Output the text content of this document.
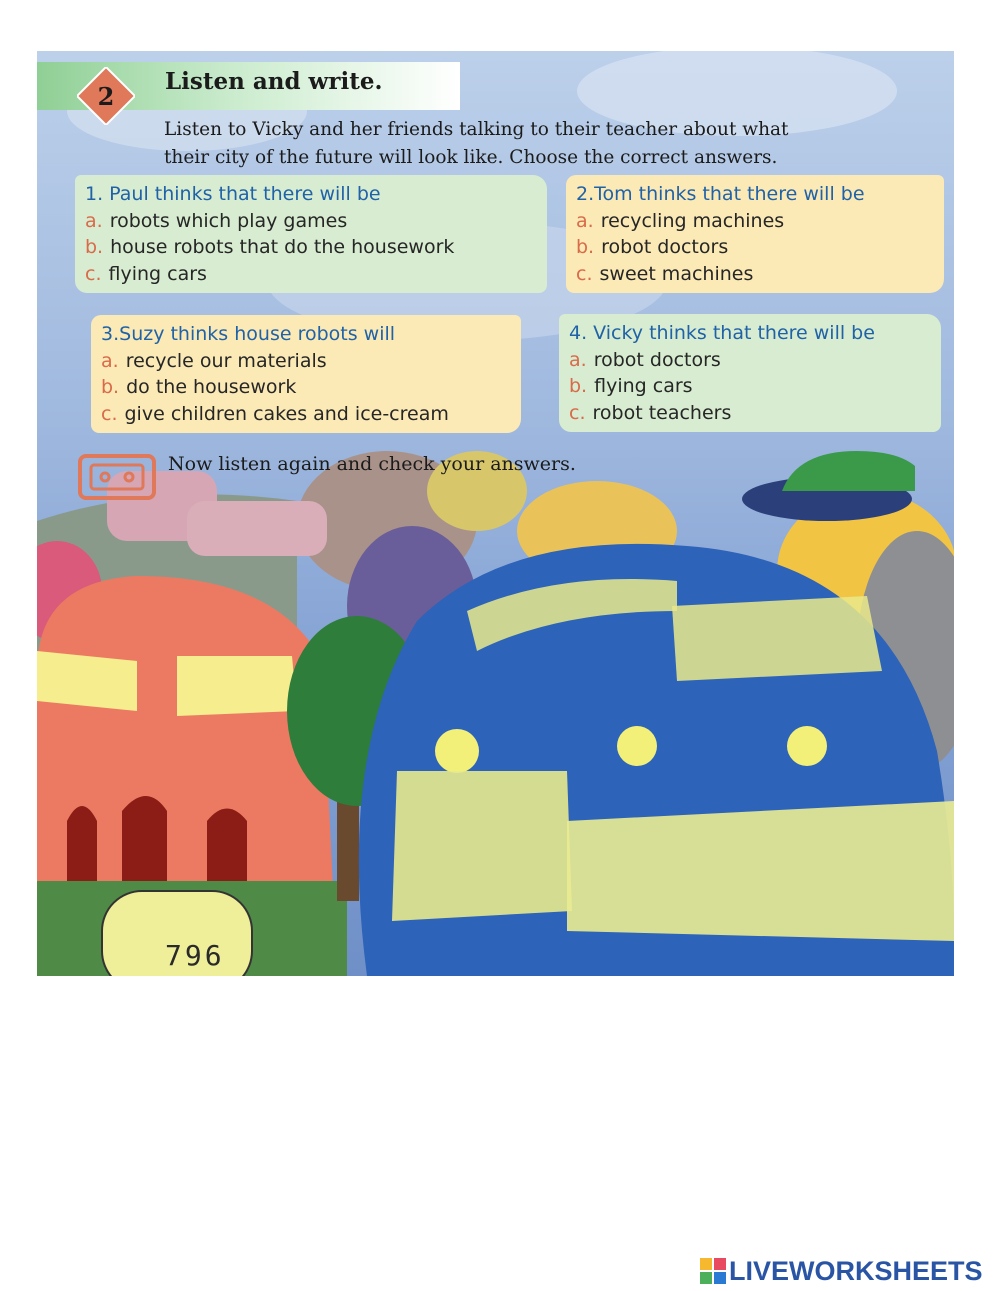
2	Listen and write.
Listen to Vicky and her friends talking to their teacher about what
their city of the future will look like. Choose the correct answers.
1. Paul thinks that there will be
a. robots which play games
b. house robots that do the housework
c. flying cars
2.Tom thinks that there will be
a. recycling machines
b. robot doctors
c. sweet machines
3.Suzy thinks house robots will
a. recycle our materials
b. do the housework
c. give children cakes and ice-cream
4. Vicky thinks that there will be
a. robot doctors
b. flying cars
c. robot teachers
Now listen again and check your answers.
796
LIVEWORKSHEETS
